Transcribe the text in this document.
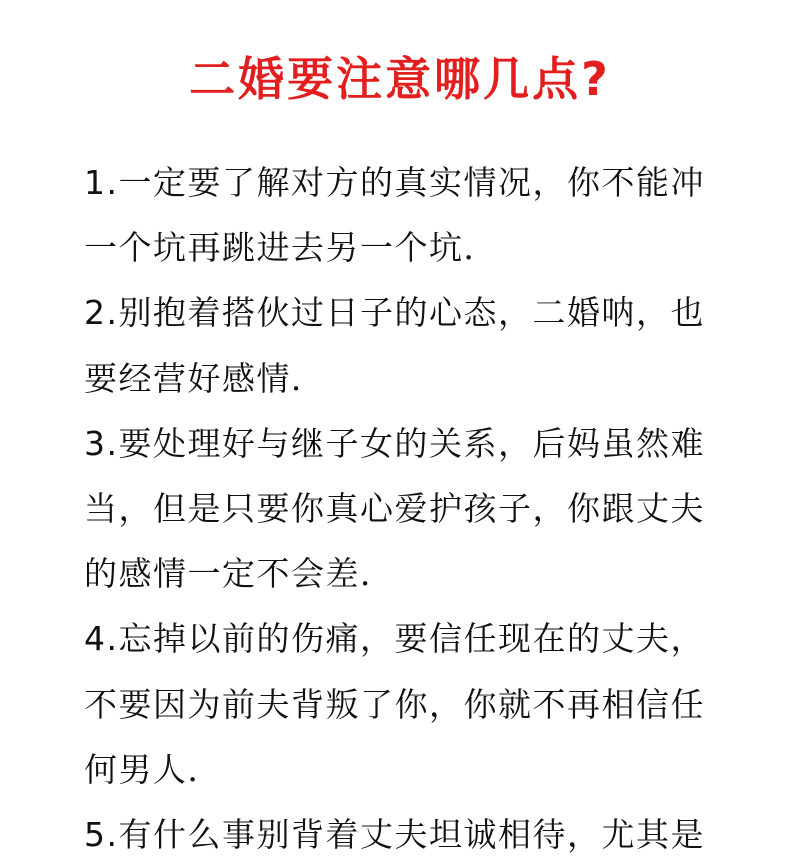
二婚要注意哪几点?
1.一定要了解对方的真实情况，你不能冲
一个坑再跳进去另一个坑．
2.别抱着搭伙过日子的心态，二婚呐，也
要经营好感情．
3.要处理好与继子女的关系，后妈虽然难
当，但是只要你真心爱护孩子，你跟丈夫
的感情一定不会差．
4.忘掉以前的伤痛，要信任现在的丈夫，
不要因为前夫背叛了你，你就不再相信任
何男人．
5.有什么事别背着丈夫坦诚相待，尤其是
